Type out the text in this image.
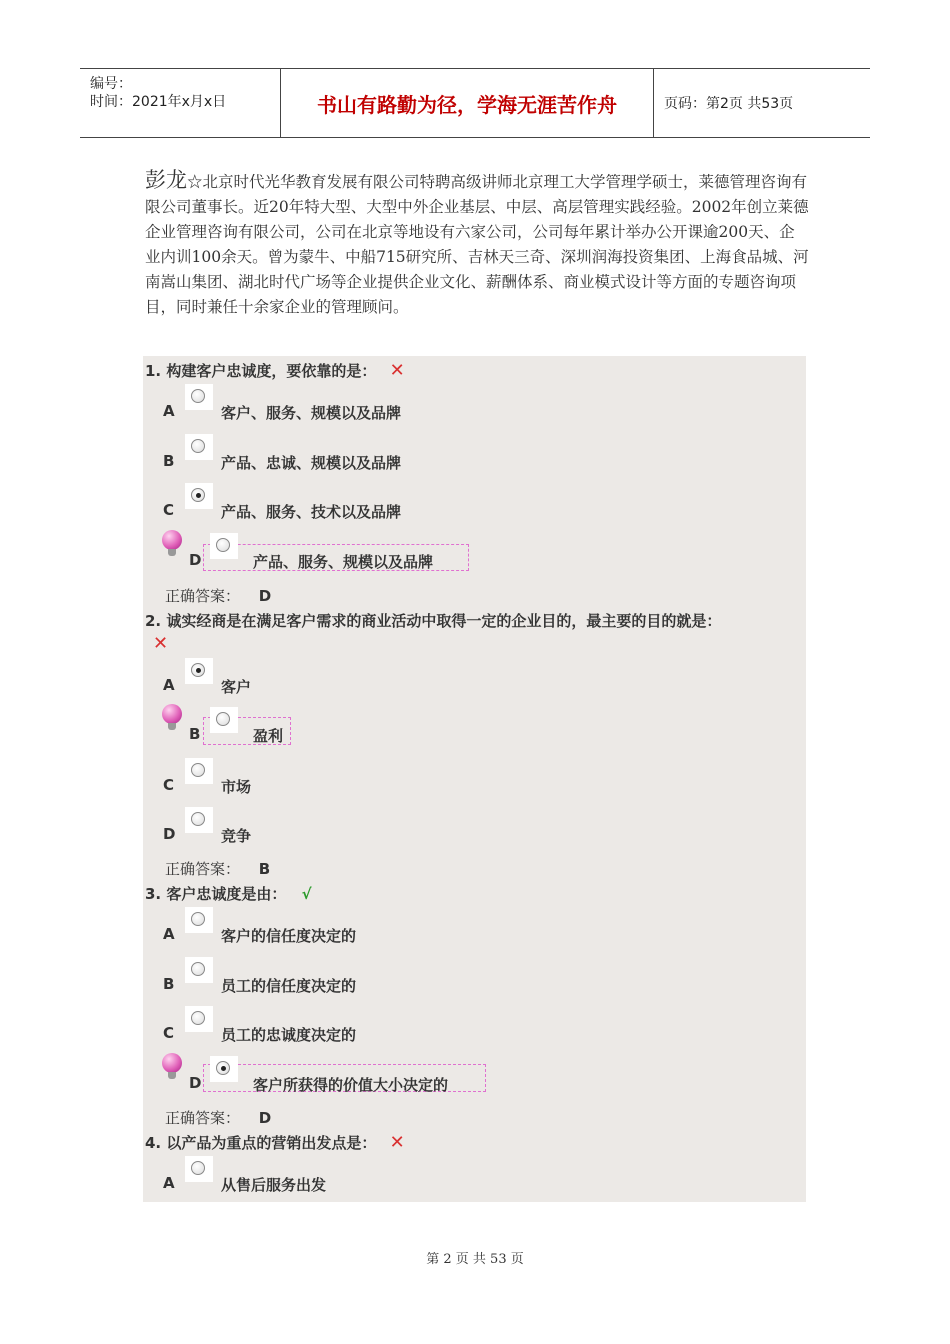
编号：
时间：2021年x月x日	书山有路勤为径，学海无涯苦作舟	页码：第2页 共53页
彭龙☆北京时代光华教育发展有限公司特聘高级讲师北京理工大学管理学硕士，莱德管理咨询有限公司董事长。近20年特大型、大型中外企业基层、中层、高层管理实践经验。2002年创立莱德企业管理咨询有限公司，公司在北京等地设有六家公司，公司每年累计举办公开课逾200天、企业内训100余天。曾为蒙牛、中船715研究所、吉林天三奇、深圳润海投资集团、上海食品城、河南嵩山集团、湖北时代广场等企业提供企业文化、薪酬体系、商业模式设计等方面的专题咨询项目，同时兼任十余家企业的管理顾问。
1. 构建客户忠诚度，要依靠的是： ✕
A	客户、服务、规模以及品牌
B	产品、忠诚、规模以及品牌
C	产品、服务、技术以及品牌
D	产品、服务、规模以及品牌
正确答案： D
2. 诚实经商是在满足客户需求的商业活动中取得一定的企业目的，最主要的目的就是：
✕
A	客户
B	盈利
C	市场
D	竞争
正确答案： B
3. 客户忠诚度是由： √
A	客户的信任度决定的
B	员工的信任度决定的
C	员工的忠诚度决定的
D	客户所获得的价值大小决定的
正确答案： D
4. 以产品为重点的营销出发点是： ✕
A	从售后服务出发
第 2 页 共 53 页
